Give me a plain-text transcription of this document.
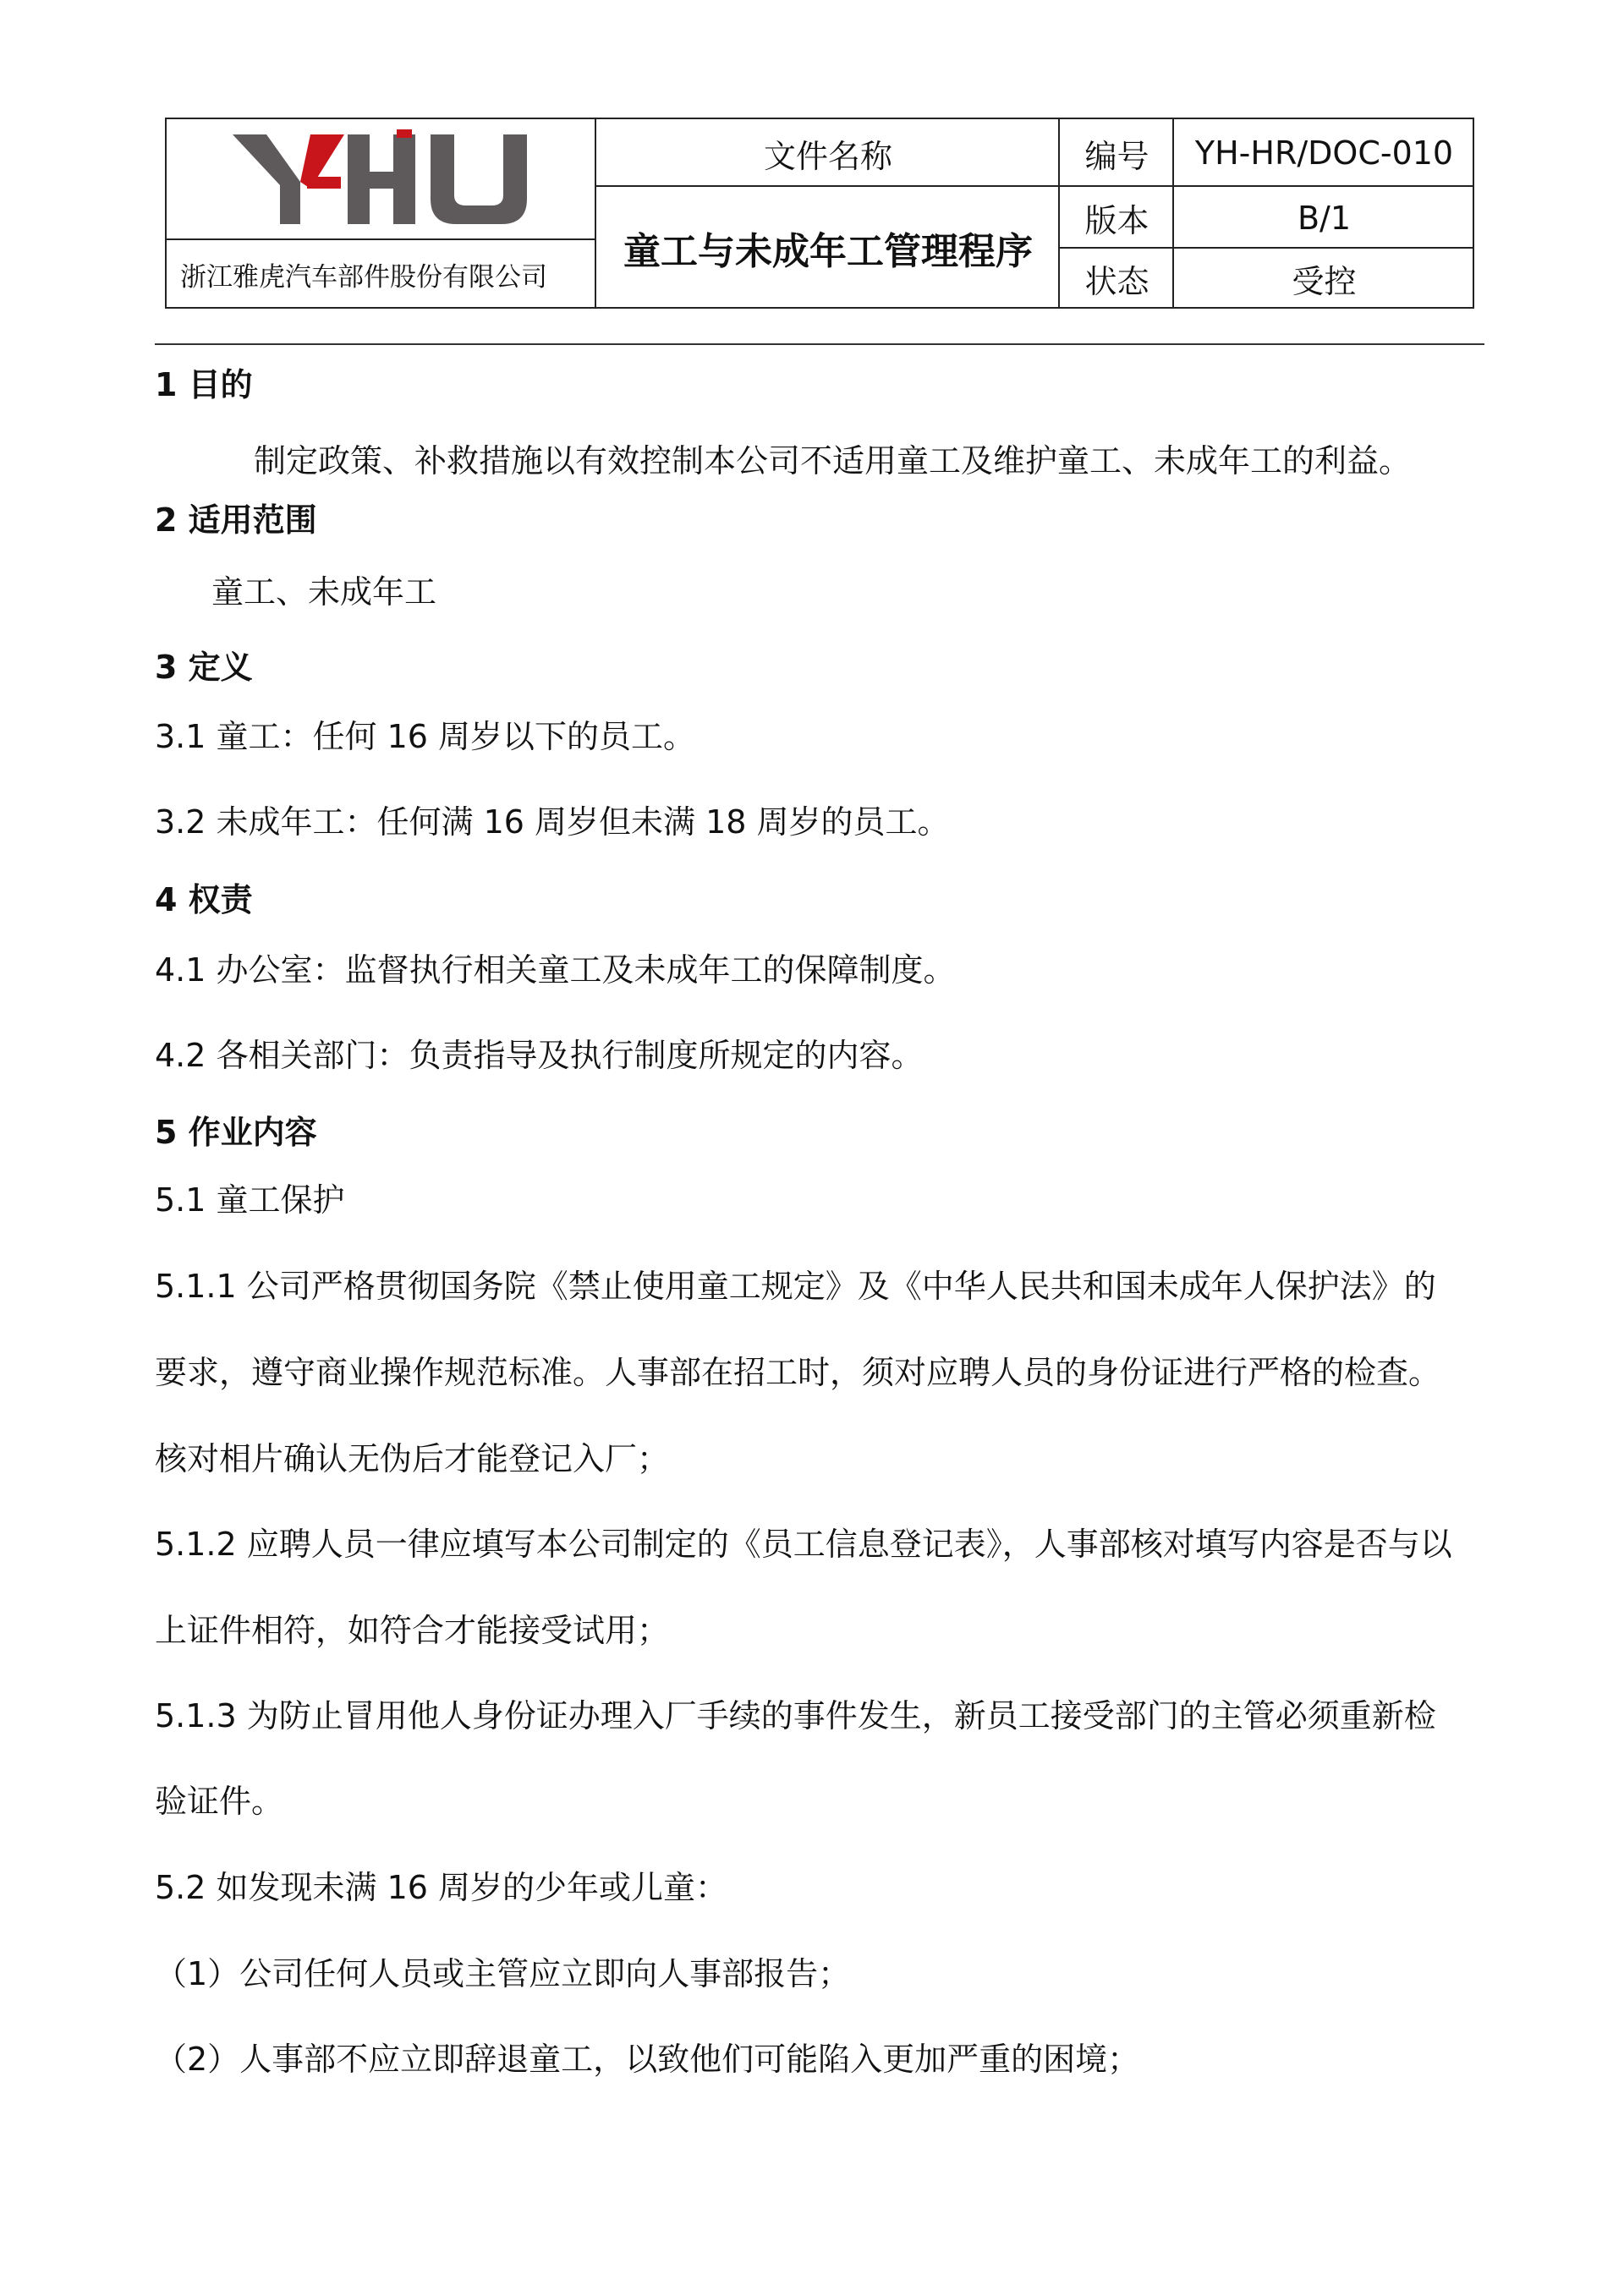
浙江雅虎汽车部件股份有限公司
文件名称
童工与未成年工管理程序
编号	YH-HR/DOC-010
版本	B/1
状态	受控
1 目的
制定政策、补救措施以有效控制本公司不适用童工及维护童工、未成年工的利益。
2 适用范围
童工、未成年工
3 定义
3.1 童工：任何 16 周岁以下的员工。
3.2 未成年工：任何满 16 周岁但未满 18 周岁的员工。
4 权责
4.1 办公室：监督执行相关童工及未成年工的保障制度。
4.2 各相关部门：负责指导及执行制度所规定的内容。
5 作业内容
5.1 童工保护
5.1.1 公司严格贯彻国务院《禁止使用童工规定》及《中华人民共和国未成年人保护法》的
要求，遵守商业操作规范标准。人事部在招工时，须对应聘人员的身份证进行严格的检查。
核对相片确认无伪后才能登记入厂；
5.1.2 应聘人员一律应填写本公司制定的《员工信息登记表》，人事部核对填写内容是否与以
上证件相符，如符合才能接受试用；
5.1.3 为防止冒用他人身份证办理入厂手续的事件发生，新员工接受部门的主管必须重新检
验证件。
5.2 如发现未满 16 周岁的少年或儿童：
（1）公司任何人员或主管应立即向人事部报告；
（2）人事部不应立即辞退童工，以致他们可能陷入更加严重的困境；
